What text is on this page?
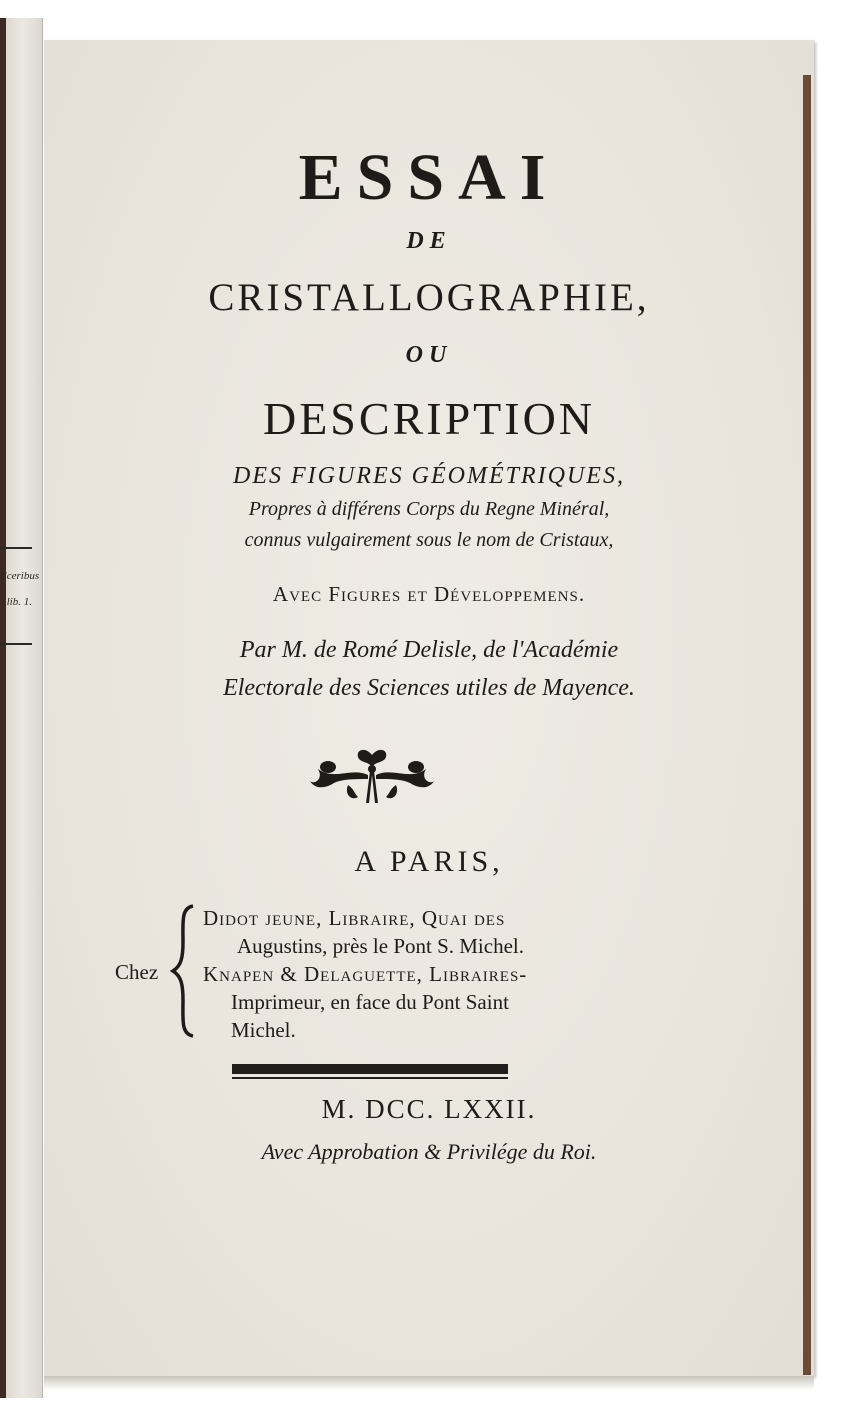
Eceribus
lib. 1.
ESSAI
DE
CRISTALLOGRAPHIE,
OU
DESCRIPTION
DES FIGURES GÉOMÉTRIQUES,
Propres à différens Corps du Regne Minéral,
connus vulgairement sous le nom de Cristaux,
Avec Figures et Développemens.
Par M. de Romé Delisle, de l'Académie
Electorale des Sciences utiles de Mayence.
A PARIS,
Chez
Didot jeune, Libraire, Quai des
Augustins, près le Pont S. Michel.
Knapen & Delaguette, Libraires-
Imprimeur, en face du Pont Saint
Michel.
M. DCC. LXXII.
Avec Approbation & Privilége du Roi.
